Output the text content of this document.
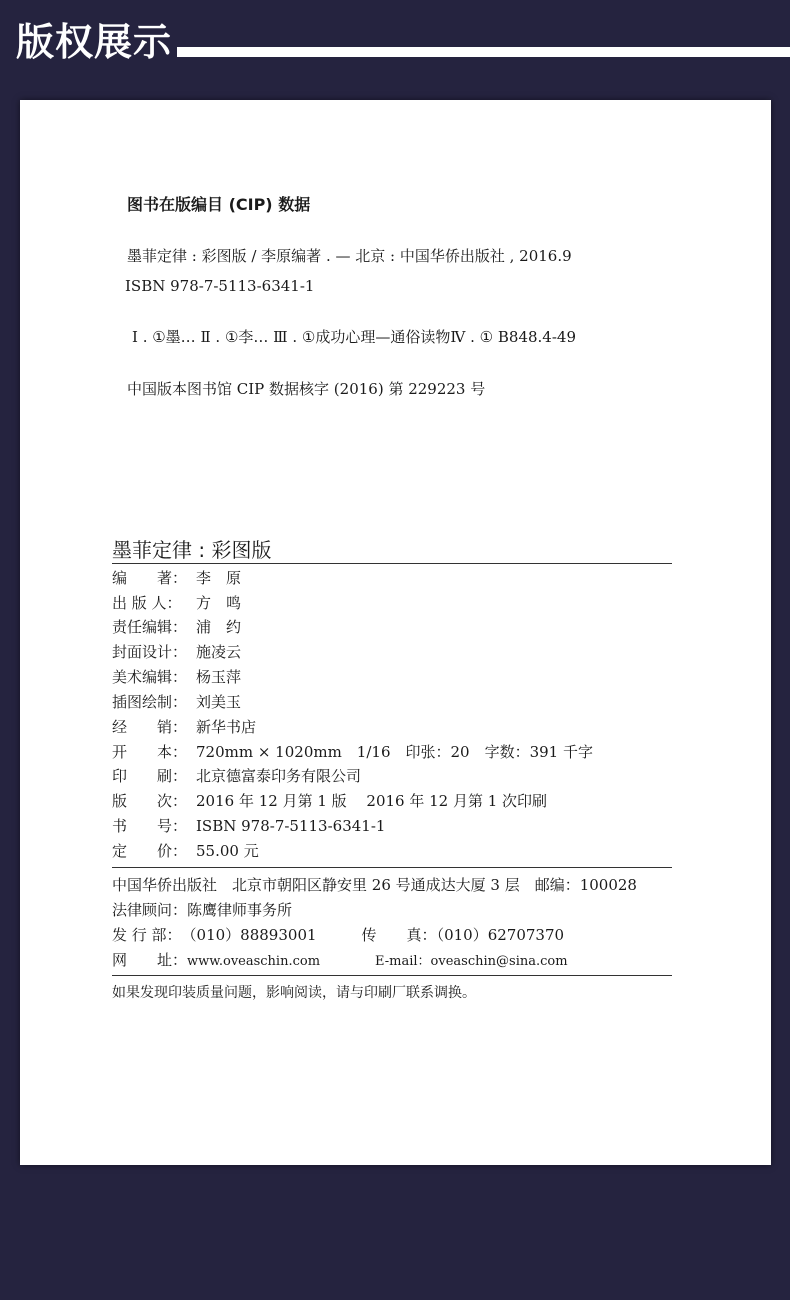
版权展示
图书在版编目 (CIP) 数据
墨菲定律 : 彩图版 / 李原编著 . — 北京 : 中国华侨出版社 , 2016.9
ISBN 978-7-5113-6341-1
Ⅰ . ①墨… Ⅱ . ①李… Ⅲ . ①成功心理—通俗读物Ⅳ . ① B848.4-49
中国版本图书馆 CIP 数据核字 (2016) 第 229223 号
墨菲定律 : 彩图版
编　　著： 李　原
出 版 人： 方　鸣
责任编辑： 浦　约
封面设计： 施凌云
美术编辑： 杨玉萍
插图绘制： 刘美玉
经　　销： 新华书店
开　　本： 720mm × 1020mm　1/16　印张：20　字数：391 千字
印　　刷： 北京德富泰印务有限公司
版　　次： 2016 年 12 月第 1 版　 2016 年 12 月第 1 次印刷
书　　号： ISBN 978-7-5113-6341-1
定　　价： 55.00 元
中国华侨出版社　北京市朝阳区静安里 26 号通成达大厦 3 层　邮编：100028
法律顾问：陈鹰律师事务所
发 行 部：（010）88893001	传　　真：（010）62707370
网　　址：www.oveaschin.com	E-mail：oveaschin@sina.com
如果发现印装质量问题，影响阅读，请与印刷厂联系调换。
